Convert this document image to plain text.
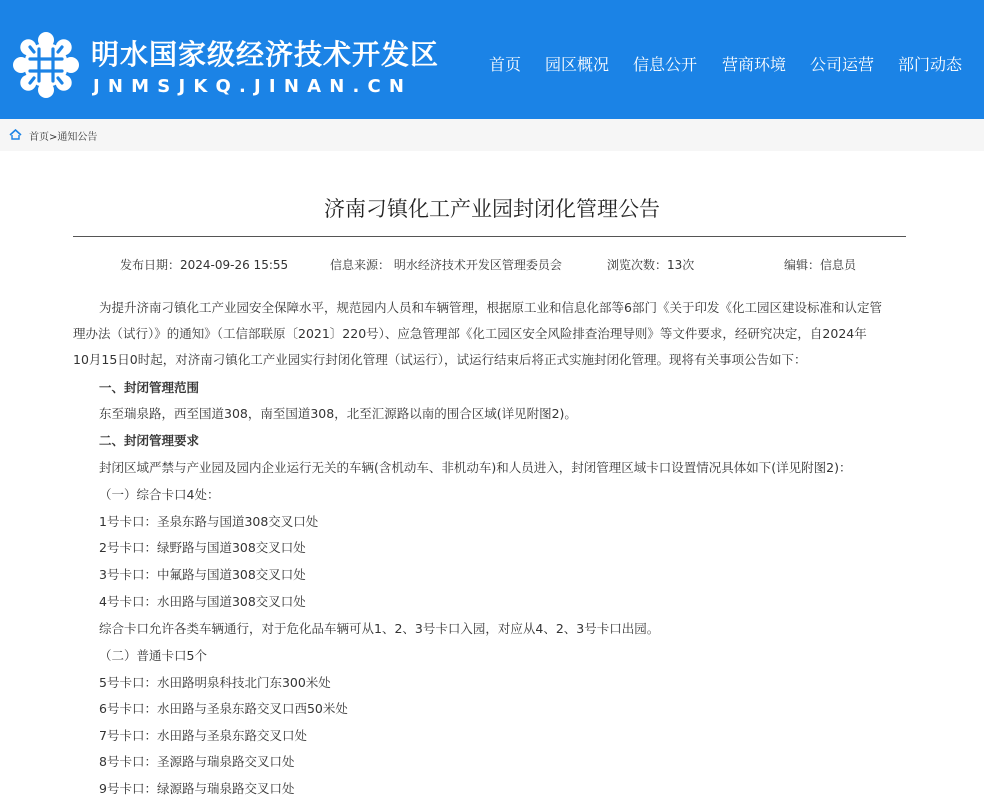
明水国家级经济技术开发区
JNMSJKQ.JINAN.CN
首页 园区概况 信息公开 营商环境 公司运营 部门动态
首页>通知公告
济南刁镇化工产业园封闭化管理公告
发布日期：2024-09-26 15:55	信息来源： 明水经济技术开发区管理委员会	浏览次数：13次	编辑：信息员

为提升济南刁镇化工产业园安全保障水平，规范园内人员和车辆管理，根据原工业和信息化部等6部门《关于印发《化工园区建设标准和认定管

理办法（试行）》的通知》（工信部联原〔2021〕220号）、应急管理部《化工园区安全风险排查治理导则》等文件要求，经研究决定，自2024年

10月15日0时起，对济南刁镇化工产业园实行封闭化管理（试运行），试运行结束后将正式实施封闭化管理。现将有关事项公告如下：

一、封闭管理范围

东至瑞泉路，西至国道308，南至国道308，北至汇源路以南的围合区域(详见附图2)。

二、封闭管理要求

封闭区域严禁与产业园及园内企业运行无关的车辆(含机动车、非机动车)和人员进入，封闭管理区域卡口设置情况具体如下(详见附图2)：

（一）综合卡口4处：

1号卡口：圣泉东路与国道308交叉口处

2号卡口：绿野路与国道308交叉口处

3号卡口：中氟路与国道308交叉口处

4号卡口：水田路与国道308交叉口处

综合卡口允许各类车辆通行，对于危化品车辆可从1、2、3号卡口入园，对应从4、2、3号卡口出园。

（二）普通卡口5个

5号卡口：水田路明泉科技北门东300米处

6号卡口：水田路与圣泉东路交叉口西50米处

7号卡口：水田路与圣泉东路交叉口处

8号卡口：圣源路与瑞泉路交叉口处

9号卡口：绿源路与瑞泉路交叉口处
